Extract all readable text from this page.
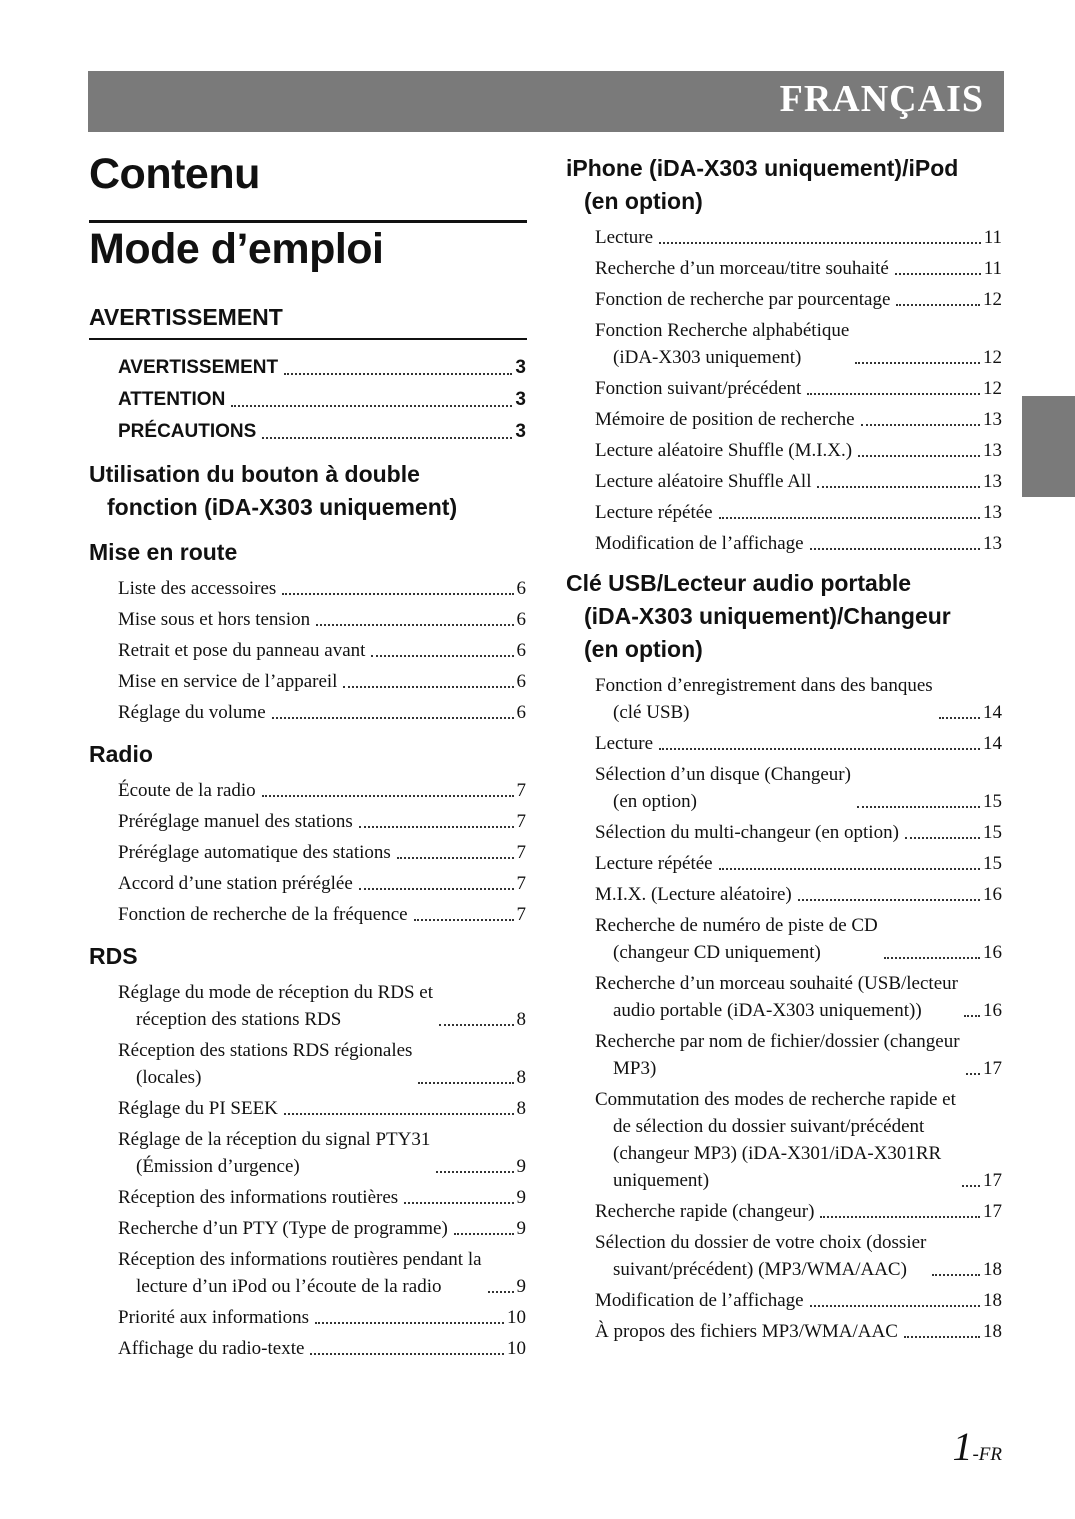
FRANÇAIS
Contenu
Mode d’emploi
AVERTISSEMENT
AVERTISSEMENT	3
ATTENTION	3
PRÉCAUTIONS	3
Utilisation du bouton à double
fonction (iDA-X303 uniquement)
Mise en route
Liste des accessoires	6
Mise sous et hors tension	6
Retrait et pose du panneau avant	6
Mise en service de l’appareil	6
Réglage du volume	6
Radio
Écoute de la radio	7
Préréglage manuel des stations	7
Préréglage automatique des stations	7
Accord d’une station préréglée	7
Fonction de recherche de la fréquence	7
RDS
Réglage du mode de réception du RDS et
réception des stations RDS	8
Réception des stations RDS régionales
(locales)	8
Réglage du PI SEEK	8
Réglage de la réception du signal PTY31
(Émission d’urgence)	9
Réception des informations routières	9
Recherche d’un PTY (Type de programme)	9
Réception des informations routières pendant la
lecture d’un iPod ou l’écoute de la radio	9
Priorité aux informations	10
Affichage du radio-texte	10
iPhone (iDA-X303 uniquement)/iPod
(en option)
Lecture	11
Recherche d’un morceau/titre souhaité	11
Fonction de recherche par pourcentage	12
Fonction Recherche alphabétique
(iDA-X303 uniquement)	12
Fonction suivant/précédent	12
Mémoire de position de recherche	13
Lecture aléatoire Shuffle (M.I.X.)	13
Lecture aléatoire Shuffle All	13
Lecture répétée	13
Modification de l’affichage	13
Clé USB/Lecteur audio portable
(iDA-X303 uniquement)/Changeur
(en option)
Fonction d’enregistrement dans des banques
(clé USB)	14
Lecture	14
Sélection d’un disque (Changeur)
(en option)	15
Sélection du multi-changeur (en option)	15
Lecture répétée	15
M.I.X. (Lecture aléatoire)	16
Recherche de numéro de piste de CD
(changeur CD uniquement)	16
Recherche d’un morceau souhaité (USB/lecteur
audio portable (iDA-X303 uniquement))	16
Recherche par nom de fichier/dossier (changeur
MP3)	17
Commutation des modes de recherche rapide et
de sélection du dossier suivant/précédent
(changeur MP3) (iDA-X301/iDA-X301RR
uniquement)	17
Recherche rapide (changeur)	17
Sélection du dossier de votre choix (dossier
suivant/précédent) (MP3/WMA/AAC)	18
Modification de l’affichage	18
À propos des fichiers MP3/WMA/AAC	18
1-FR
